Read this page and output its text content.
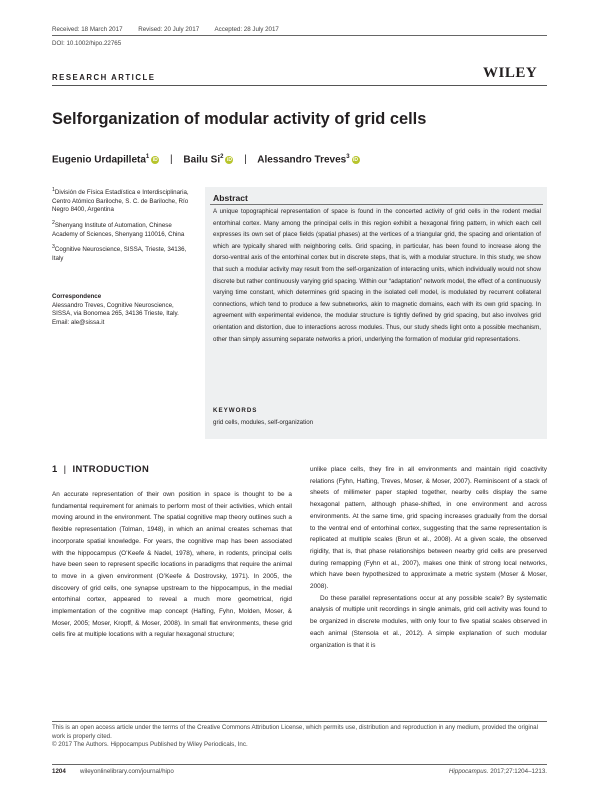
Received: 18 March 2017	Revised: 20 July 2017 Accepted: 28 July 2017
DOI: 10.1002/hipo.22765
RESEARCH ARTICLE	WILEY
Selforganization of modular activity of grid cells
Eugenio Urdapilleta$^1$iD | Bailu Si$^2$iD | Alessandro Treves$^3$iD

$^1$División de Física Estadística e Interdisciplinaria, Centro Atómico Bariloche, S. C. de Bariloche, Río Negro 8400, Argentina

$^2$Shenyang Institute of Automation, Chinese Academy of Sciences, Shenyang 110016, China

$^3$Cognitive Neuroscience, SISSA, Trieste, 34136, Italy

Correspondence
Alessandro Treves, Cognitive Neuroscience, SISSA, via Bonomea 265, 34136 Trieste, Italy.
Email: ale@sissa.it
Abstract
A unique topographical representation of space is found in the concerted activity of grid cells in the rodent medial entorhinal cortex. Many among the principal cells in this region exhibit a hexagonal firing pattern, in which each cell expresses its own set of place fields (spatial phases) at the vertices of a triangular grid, the spacing and orientation of which are typically shared with neighboring cells. Grid spacing, in particular, has been found to increase along the dorso-ventral axis of the entorhinal cortex but in discrete steps, that is, with a modular structure. In this study, we show that such a modular activity may result from the self-organization of interacting units, which individually would not show discrete but rather continuously varying grid spacing. Within our “adaptation” network model, the effect of a continuously varying time constant, which determines grid spacing in the isolated cell model, is modulated by recurrent collateral connections, which tend to produce a few subnetworks, akin to magnetic domains, each with its own grid spacing. In agreement with experimental evidence, the modular structure is tightly defined by grid spacing, but also involves grid orientation and distortion, due to interactions across modules. Thus, our study sheds light onto a possible mechanism, other than simply assuming separate networks a priori, underlying the formation of modular grid representations.
KEYWORDS
grid cells, modules, self-organization
1 | INTRODUCTION

An accurate representation of their own position in space is thought to be a fundamental requirement for animals to perform most of their activities, which entail moving around in the environment. The spatial cognitive map theory outlines such a flexible representation (Tolman, 1948), in which an animal creates schemas that incorporate spatial knowledge. For years, the cognitive map has been associated with the hippocampus (O’Keefe & Nadel, 1978), where, in rodents, principal cells have been seen to represent specific locations in paradigms that require the animal to move in a given environment (O’Keefe & Dostrovsky, 1971). In 2005, the discovery of grid cells, one synapse upstream to the hippocampus, in the medial entorhinal cortex, appeared to reveal a much more geometrical, rigid implementation of the cognitive map concept (Hafting, Fyhn, Molden, Moser, & Moser, 2005; Moser, Kropff, & Moser, 2008). In small flat environments, these grid cells fire at multiple locations with a regular hexagonal structure;

unlike place cells, they fire in all environments and maintain rigid coactivity relations (Fyhn, Hafting, Treves, Moser, & Moser, 2007). Reminiscent of a stack of sheets of millimeter paper stapled together, nearby cells display the same hexagonal pattern, although phase-shifted, in one environment and across environments. At the same time, grid spacing increases gradually from the dorsal to the ventral end of entorhinal cortex, suggesting that the same representation is replicated at multiple scales (Brun et al., 2008). At a given scale, the observed rigidity, that is, that phase relationships between nearby grid cells are preserved during remapping (Fyhn et al., 2007), makes one think of strong local networks, which have been hypothesized to approximate a metric system (Moser & Moser, 2008).

Do these parallel representations occur at any possible scale? By systematic analysis of multiple unit recordings in single animals, grid cell activity was found to be organized in discrete modules, with only four to five spatial scales observed in each animal (Stensola et al., 2012). A simple explanation of such modular organization is that it is

This is an open access article under the terms of the Creative Commons Attribution License, which permits use, distribution and reproduction in any medium, provided the original work is properly cited.
© 2017 The Authors. Hippocampus Published by Wiley Periodicals, Inc.
1204 wileyonlinelibrary.com/journal/hipo	Hippocampus. 2017;27:1204–1213.
